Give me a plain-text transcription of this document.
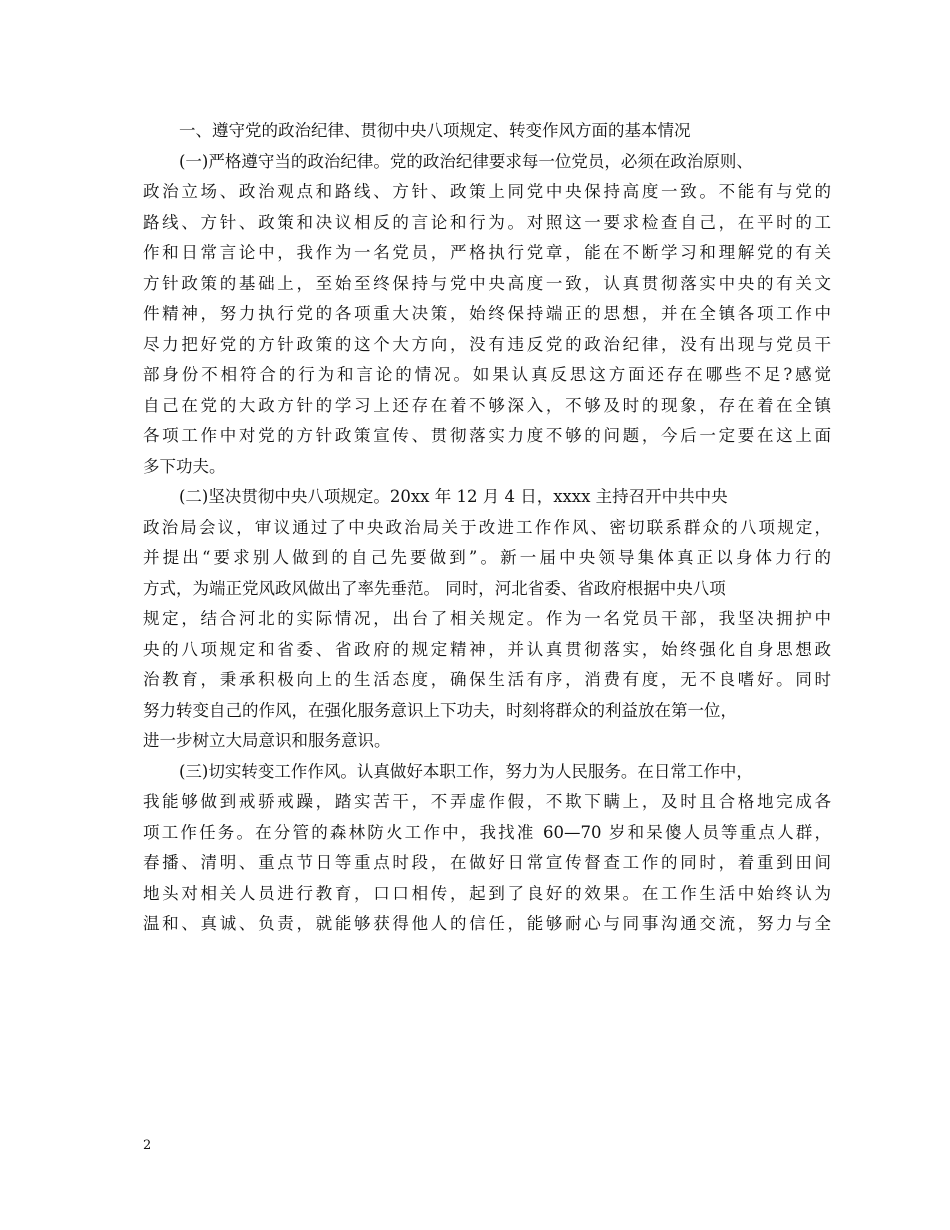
一、遵守党的政治纪律、贯彻中央八项规定、转变作风方面的基本情况
(一)严格遵守当的政治纪律。党的政治纪律要求每一位党员，必须在政治原则、
政治立场、政治观点和路线、方针、政策上同党中央保持高度一致。不能有与党的
路线、方针、政策和决议相反的言论和行为。对照这一要求检查自己，在平时的工
作和日常言论中，我作为一名党员，严格执行党章，能在不断学习和理解党的有关
方针政策的基础上，至始至终保持与党中央高度一致，认真贯彻落实中央的有关文
件精神，努力执行党的各项重大决策，始终保持端正的思想，并在全镇各项工作中
尽力把好党的方针政策的这个大方向，没有违反党的政治纪律，没有出现与党员干
部身份不相符合的行为和言论的情况。如果认真反思这方面还存在哪些不足?感觉
自己在党的大政方针的学习上还存在着不够深入，不够及时的现象，存在着在全镇
各项工作中对党的方针政策宣传、贯彻落实力度不够的问题，今后一定要在这上面
多下功夫。
(二)坚决贯彻中央八项规定。20xx 年 12 月 4 日，xxxx 主持召开中共中央
政治局会议，审议通过了中央政治局关于改进工作作风、密切联系群众的八项规定，
并提出“要求别人做到的自己先要做到”。新一届中央领导集体真正以身体力行的
方式，为端正党风政风做出了率先垂范。 同时，河北省委、省政府根据中央八项
规定，结合河北的实际情况，出台了相关规定。作为一名党员干部，我坚决拥护中
央的八项规定和省委、省政府的规定精神，并认真贯彻落实，始终强化自身思想政
治教育，秉承积极向上的生活态度，确保生活有序，消费有度，无不良嗜好。同时
努力转变自己的作风，在强化服务意识上下功夫，时刻将群众的利益放在第一位，
进一步树立大局意识和服务意识。
(三)切实转变工作作风。认真做好本职工作，努力为人民服务。在日常工作中，
我能够做到戒骄戒躁，踏实苦干，不弄虚作假，不欺下瞒上，及时且合格地完成各
项工作任务。在分管的森林防火工作中，我找准 60—70 岁和呆傻人员等重点人群，
春播、清明、重点节日等重点时段，在做好日常宣传督查工作的同时，着重到田间
地头对相关人员进行教育，口口相传，起到了良好的效果。在工作生活中始终认为
温和、真诚、负责，就能够获得他人的信任，能够耐心与同事沟通交流，努力与全
2
